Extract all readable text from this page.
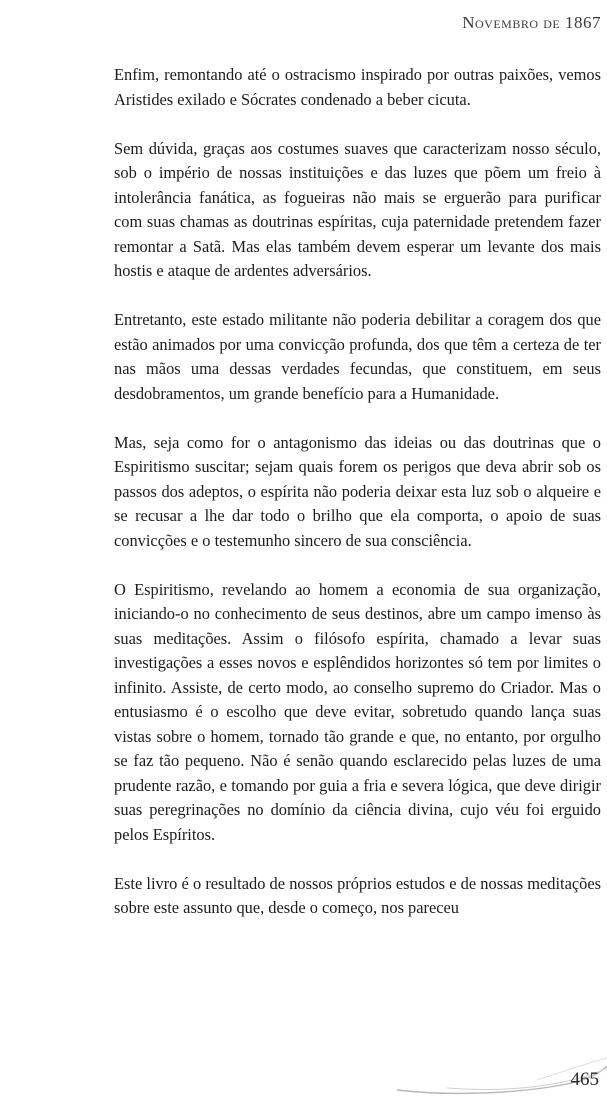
Novembro de 1867

Enfim, remontando até o ostracismo inspirado por outras paixões, vemos Aristides exilado e Sócrates condenado a beber cicuta.

Sem dúvida, graças aos costumes suaves que caracterizam nosso século, sob o império de nossas instituições e das luzes que põem um freio à intolerância fanática, as fogueiras não mais se erguerão para purificar com suas chamas as doutrinas espíritas, cuja paternidade pretendem fazer remontar a Satã. Mas elas também devem esperar um levante dos mais hostis e ataque de ardentes adversários.

Entretanto, este estado militante não poderia debilitar a coragem dos que estão animados por uma convicção profunda, dos que têm a certeza de ter nas mãos uma dessas verdades fecundas, que constituem, em seus desdobramentos, um grande benefício para a Humanidade.

Mas, seja como for o antagonismo das ideias ou das doutrinas que o Espiritismo suscitar; sejam quais forem os perigos que deva abrir sob os passos dos adeptos, o espírita não poderia deixar esta luz sob o alqueire e se recusar a lhe dar todo o brilho que ela comporta, o apoio de suas convicções e o testemunho sincero de sua consciência.

O Espiritismo, revelando ao homem a economia de sua organização, iniciando-o no conhecimento de seus destinos, abre um campo imenso às suas meditações. Assim o filósofo espírita, chamado a levar suas investigações a esses novos e esplêndidos horizontes só tem por limites o infinito. Assiste, de certo modo, ao conselho supremo do Criador. Mas o entusiasmo é o escolho que deve evitar, sobretudo quando lança suas vistas sobre o homem, tornado tão grande e que, no entanto, por orgulho se faz tão pequeno. Não é senão quando esclarecido pelas luzes de uma prudente razão, e tomando por guia a fria e severa lógica, que deve dirigir suas peregrinações no domínio da ciência divina, cujo véu foi erguido pelos Espíritos.

Este livro é o resultado de nossos próprios estudos e de nossas meditações sobre este assunto que, desde o começo, nos pareceu

465
